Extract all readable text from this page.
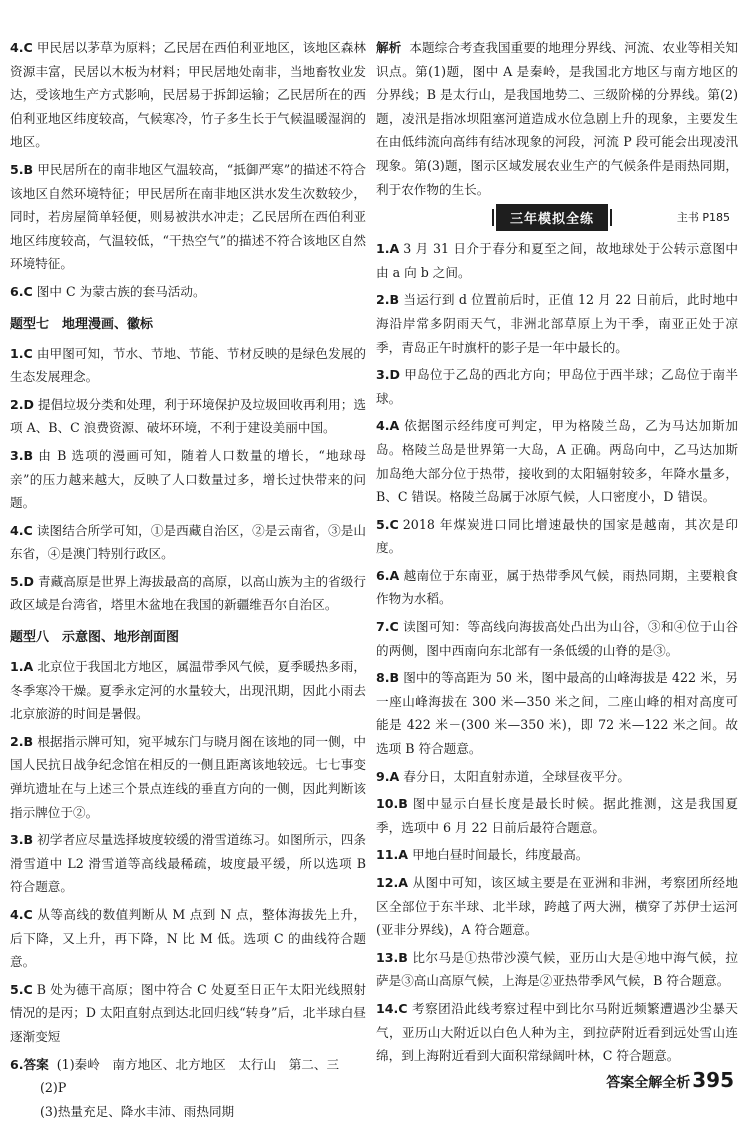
4.C 甲民居以茅草为原料；乙民居在西伯利亚地区，该地区森林资源丰富，民居以木板为材料；甲民居地处南非，当地畜牧业发达，受该地生产方式影响，民居易于拆卸运输；乙民居所在的西伯利亚地区纬度较高，气候寒冷，竹子多生长于气候温暖湿润的地区。
5.B 甲民居所在的南非地区气温较高，“抵御严寒”的描述不符合该地区自然环境特征；甲民居所在南非地区洪水发生次数较少，同时，若房屋简单轻便，则易被洪水冲走；乙民居所在西伯利亚地区纬度较高，气温较低，“干热空气”的描述不符合该地区自然环境特征。
6.C 图中 C 为蒙古族的套马活动。
题型七　地理漫画、徽标
1.C 由甲图可知，节水、节地、节能、节材反映的是绿色发展的生态发展理念。
2.D 提倡垃圾分类和处理，利于环境保护及垃圾回收再利用；选项 A、B、C 浪费资源、破坏环境，不利于建设美丽中国。
3.B 由 B 选项的漫画可知，随着人口数量的增长，“地球母亲”的压力越来越大，反映了人口数量过多，增长过快带来的问题。
4.C 读图结合所学可知，①是西藏自治区，②是云南省，③是山东省，④是澳门特别行政区。
5.D 青藏高原是世界上海拔最高的高原，以高山族为主的省级行政区域是台湾省，塔里木盆地在我国的新疆维吾尔自治区。
题型八　示意图、地形剖面图
1.A 北京位于我国北方地区，属温带季风气候，夏季暖热多雨，冬季寒冷干燥。夏季永定河的水量较大，出现汛期，因此小雨去北京旅游的时间是暑假。
2.B 根据指示牌可知，宛平城东门与晓月阁在该地的同一侧，中国人民抗日战争纪念馆在相反的一侧且距离该地较远。七七事变弹坑遗址在与上述三个景点连线的垂直方向的一侧，因此判断该指示牌位于②。
3.B 初学者应尽量选择坡度较缓的滑雪道练习。如图所示，四条滑雪道中 L2 滑雪道等高线最稀疏，坡度最平缓，所以选项 B 符合题意。
4.C 从等高线的数值判断从 M 点到 N 点，整体海拔先上升，后下降，又上升，再下降，N 比 M 低。选项 C 的曲线符合题意。
5.C B 处为德干高原；图中符合 C 处夏至日正午太阳光线照射情况的是丙；D 太阳直射点到达北回归线“转身”后，北半球白昼逐渐变短
6.答案 (1)秦岭　南方地区、北方地区　太行山　第二、三
(2)P
(3)热量充足、降水丰沛、雨热同期
解析 本题综合考查我国重要的地理分界线、河流、农业等相关知识点。第(1)题，图中 A 是秦岭，是我国北方地区与南方地区的分界线；B 是太行山，是我国地势二、三级阶梯的分界线。第(2)题，凌汛是指冰坝阻塞河道造成水位急剧上升的现象，主要发生在由低纬流向高纬有结冰现象的河段，河流 P 段可能会出现凌汛现象。第(3)题，图示区域发展农业生产的气候条件是雨热同期，利于农作物的生长。
三年模拟全练	主书 P185
1.A 3 月 31 日介于春分和夏至之间，故地球处于公转示意图中由 a 向 b 之间。
2.B 当运行到 d 位置前后时，正值 12 月 22 日前后，此时地中海沿岸常多阴雨天气，非洲北部草原上为干季，南亚正处于凉季，青岛正午时旗杆的影子是一年中最长的。
3.D 甲岛位于乙岛的西北方向；甲岛位于西半球；乙岛位于南半球。
4.A 依据图示经纬度可判定，甲为格陵兰岛，乙为马达加斯加岛。格陵兰岛是世界第一大岛，A 正确。两岛向中，乙马达加斯加岛绝大部分位于热带，接收到的太阳辐射较多，年降水量多，B、C 错误。格陵兰岛属于冰原气候，人口密度小，D 错误。
5.C 2018 年煤炭进口同比增速最快的国家是越南，其次是印度。
6.A 越南位于东南亚，属于热带季风气候，雨热同期，主要粮食作物为水稻。
7.C 读图可知：等高线向海拔高处凸出为山谷，③和④位于山谷的两侧，图中西南向东北部有一条低缓的山脊的是③。
8.B 图中的等高距为 50 米，图中最高的山峰海拔是 422 米，另一座山峰海拔在 300 米—350 米之间，二座山峰的相对高度可能是 422 米－(300 米—350 米)，即 72 米—122 米之间。故选项 B 符合题意。
9.A 春分日，太阳直射赤道，全球昼夜平分。
10.B 图中显示白昼长度是最长时候。据此推测，这是我国夏季，选项中 6 月 22 日前后最符合题意。
11.A 甲地白昼时间最长，纬度最高。
12.A 从图中可知，该区域主要是在亚洲和非洲，考察团所经地区全部位于东半球、北半球，跨越了两大洲，横穿了苏伊士运河(亚非分界线)，A 符合题意。
13.B 比尔马是①热带沙漠气候，亚历山大是④地中海气候，拉萨是③高山高原气候，上海是②亚热带季风气候，B 符合题意。
14.C 考察团沿此线考察过程中到比尔马附近频繁遭遇沙尘暴天气，亚历山大附近以白色人种为主，到拉萨附近看到远处雪山连绵，到上海附近看到大面积常绿阔叶林，C 符合题意。
答案全解全析 395
